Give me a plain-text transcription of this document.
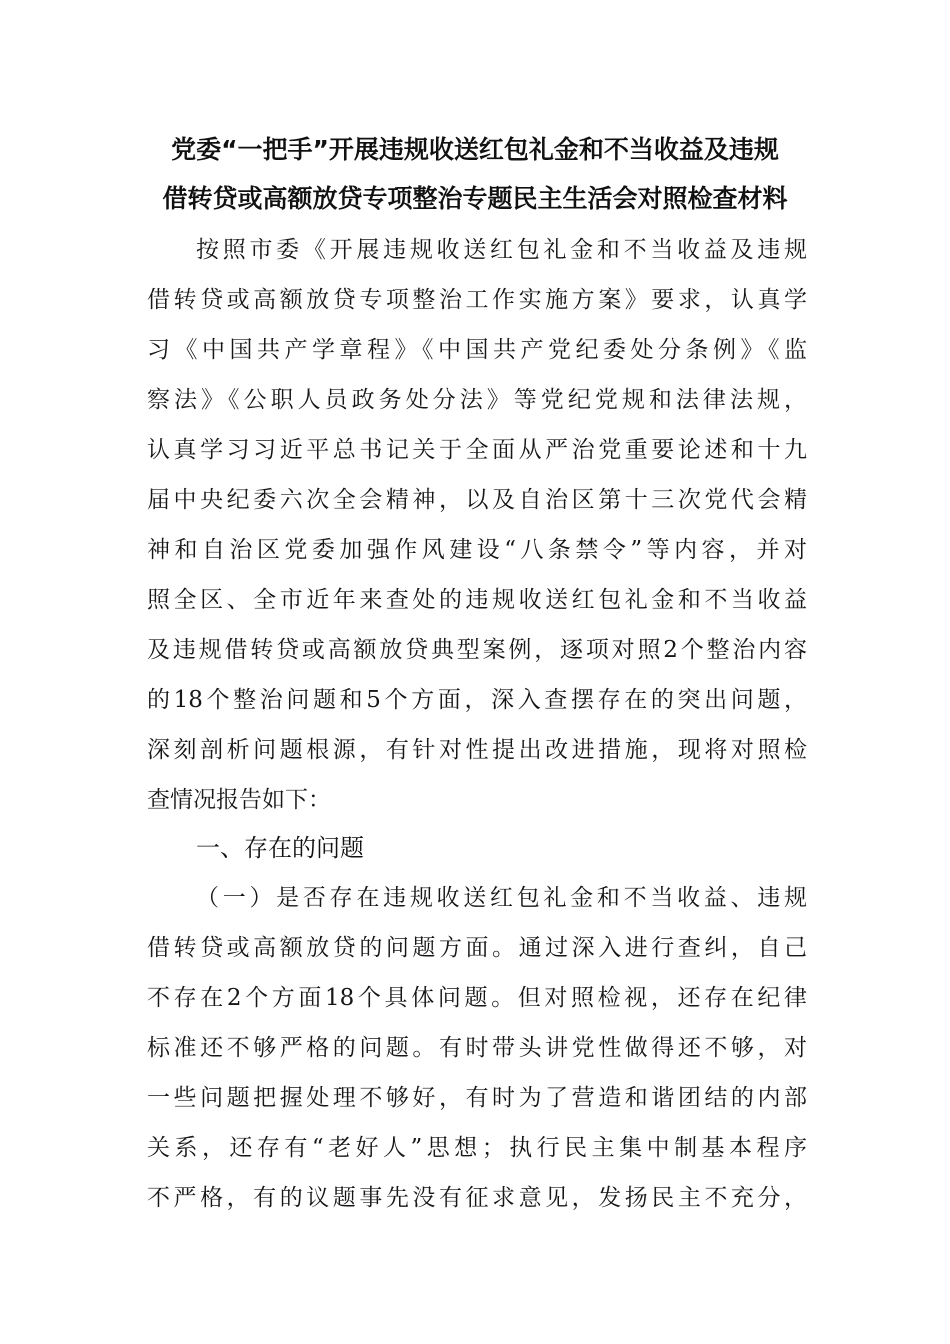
党委“一把手”开展违规收送红包礼金和不当收益及违规
借转贷或高额放贷专项整治专题民主生活会对照检查材料
按照市委《开展违规收送红包礼金和不当收益及违规
借转贷或高额放贷专项整治工作实施方案》要求，认真学
习《中国共产学章程》《中国共产党纪委处分条例》《监
察法》《公职人员政务处分法》等党纪党规和法律法规，
认真学习习近平总书记关于全面从严治党重要论述和十九
届中央纪委六次全会精神，以及自治区第十三次党代会精
神和自治区党委加强作风建设“八条禁令”等内容，并对
照全区、全市近年来查处的违规收送红包礼金和不当收益
及违规借转贷或高额放贷典型案例，逐项对照2个整治内容
的18个整治问题和5个方面，深入查摆存在的突出问题，
深刻剖析问题根源，有针对性提出改进措施，现将对照检
查情况报告如下：
一、存在的问题
（一）是否存在违规收送红包礼金和不当收益、违规
借转贷或高额放贷的问题方面。通过深入进行查纠，自己
不存在2个方面18个具体问题。但对照检视，还存在纪律
标准还不够严格的问题。有时带头讲党性做得还不够，对
一些问题把握处理不够好，有时为了营造和谐团结的内部
关系，还存有“老好人”思想；执行民主集中制基本程序
不严格，有的议题事先没有征求意见，发扬民主不充分，
